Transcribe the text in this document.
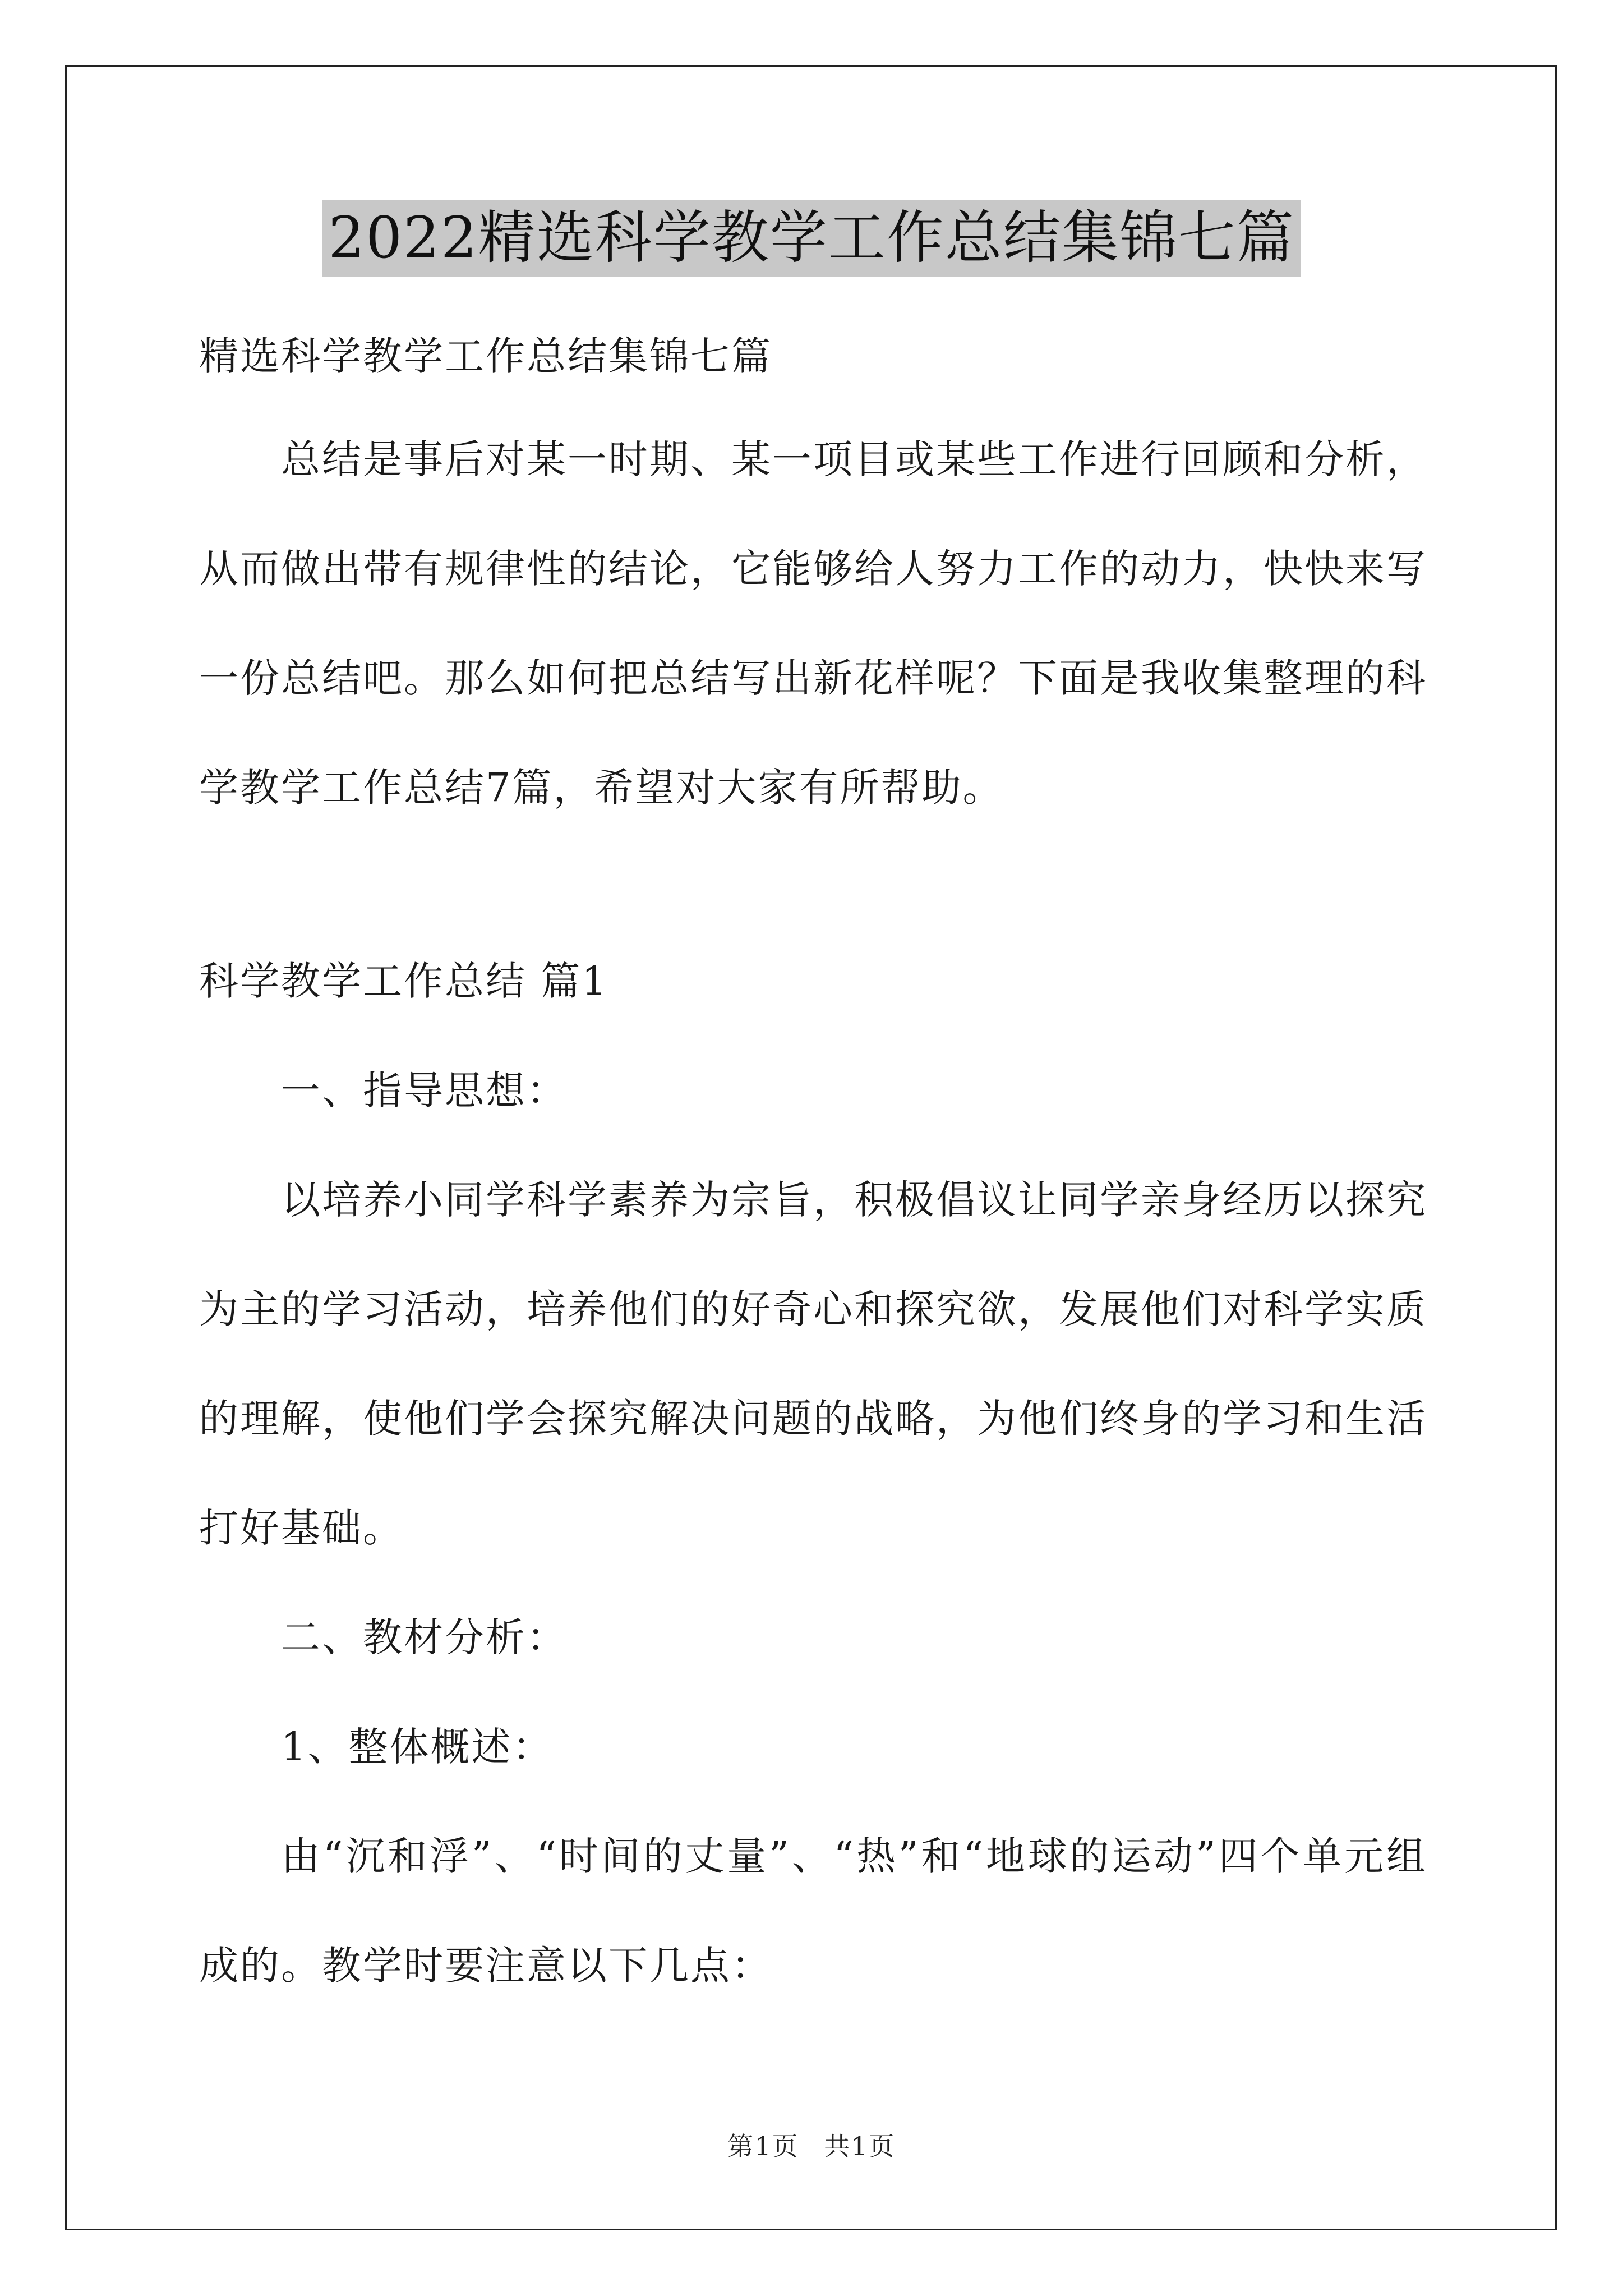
2022精选科学教学工作总结集锦七篇

精选科学教学工作总结集锦七篇

总结是事后对某一时期、某一项目或某些工作进行回顾和分析，从而做出带有规律性的结论，它能够给人努力工作的动力，快快来写一份总结吧。那么如何把总结写出新花样呢？下面是我收集整理的科学教学工作总结7篇，希望对大家有所帮助。

科学教学工作总结 篇1

一、指导思想：

以培养小同学科学素养为宗旨，积极倡议让同学亲身经历以探究为主的学习活动，培养他们的好奇心和探究欲，发展他们对科学实质的理解，使他们学会探究解决问题的战略，为他们终身的学习和生活打好基础。

二、教材分析：

1、整体概述：

由“沉和浮”、“时间的丈量”、“热”和“地球的运动”四个单元组成的。教学时要注意以下几点：

第1页 共1页
